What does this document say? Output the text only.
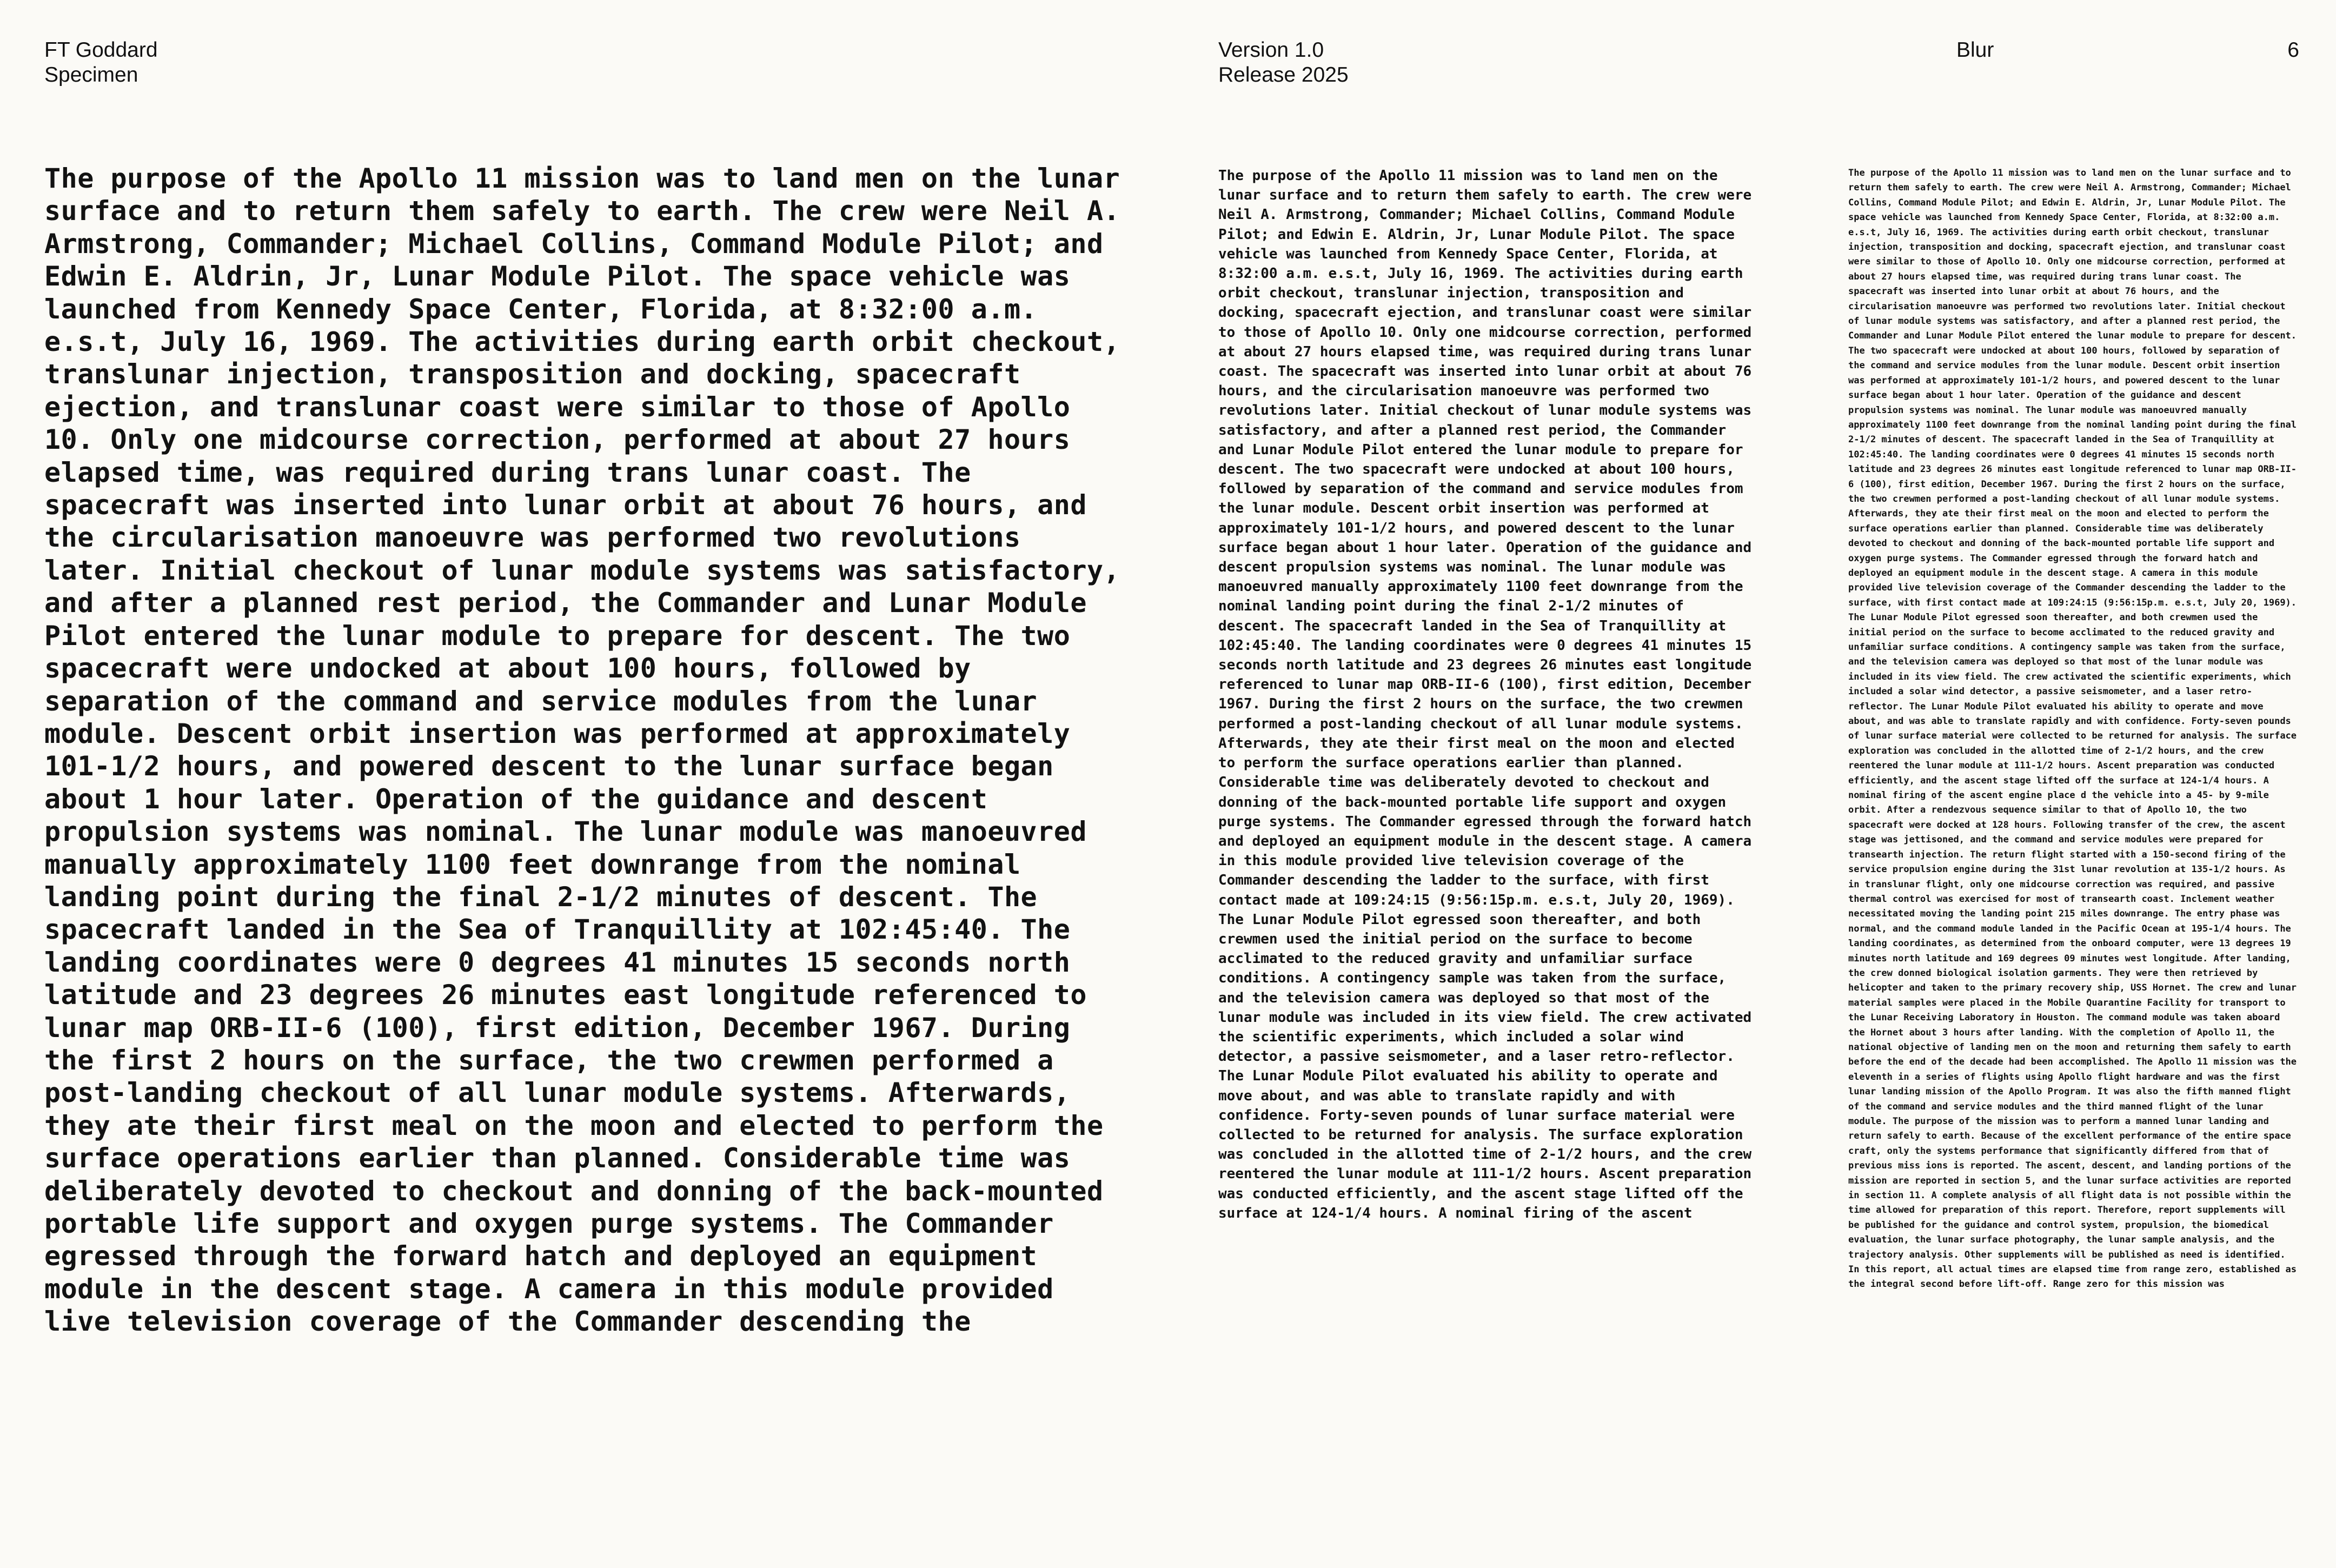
FT Goddard
Specimen
Version 1.0
Release 2025
Blur	6

The purpose of the Apollo 11 mission was to land men on the lunar surface and to return them safely to earth. The crew were Neil A. Armstrong, Commander; Michael Collins, Command Module Pilot; and Edwin E. Aldrin, Jr, Lunar Module Pilot. The space vehicle was launched from Kennedy Space Center, Florida, at 8:32:00 a.m. e.s.t, July 16, 1969. The activities during earth orbit checkout, translunar injection, transposition and docking, spacecraft ejection, and translunar coast were similar to those of Apollo 10. Only one midcourse correction, performed at about 27 hours elapsed time, was required during trans lunar coast. The spacecraft was inserted into lunar orbit at about 76 hours, and the circularisation manoeuvre was performed two revolutions later. Initial checkout of lunar module systems was satisfactory, and after a planned rest period, the Commander and Lunar Module Pilot entered the lunar module to prepare for descent. The two spacecraft were undocked at about 100 hours, followed by separation of the command and service modules from the lunar module. Descent orbit insertion was performed at approximately 101-1/2 hours, and powered descent to the lunar surface began about 1 hour later. Operation of the guidance and descent propulsion systems was nominal. The lunar module was manoeuvred manually approximately 1100 feet downrange from the nominal landing point during the final 2-1/2 minutes of descent. The spacecraft landed in the Sea of Tranquillity at 102:45:40. The landing coordinates were 0 degrees 41 minutes 15 seconds north latitude and 23 degrees 26 minutes east longitude referenced to lunar map ORB-II-6 (100), first edition, December 1967. During the first 2 hours on the surface, the two crewmen performed a post-landing checkout of all lunar module systems. Afterwards, they ate their first meal on the moon and elected to perform the surface operations earlier than planned. Considerable time was deliberately devoted to checkout and donning of the back-mounted portable life support and oxygen purge systems. The Commander egressed through the forward hatch and deployed an equipment module in the descent stage. A camera in this module provided live television coverage of the Commander descending the

The purpose of the Apollo 11 mission was to land men on the lunar surface and to return them safely to earth. The crew were Neil A. Armstrong, Commander; Michael Collins, Command Module Pilot; and Edwin E. Aldrin, Jr, Lunar Module Pilot. The space vehicle was launched from Kennedy Space Center, Florida, at 8:32:00 a.m. e.s.t, July 16, 1969. The activities during earth orbit checkout, translunar injection, transposition and docking, spacecraft ejection, and translunar coast were similar to those of Apollo 10. Only one midcourse correction, performed at about 27 hours elapsed time, was required during trans lunar coast. The spacecraft was inserted into lunar orbit at about 76 hours, and the circularisation manoeuvre was performed two revolutions later. Initial checkout of lunar module systems was satisfactory, and after a planned rest period, the Commander and Lunar Module Pilot entered the lunar module to prepare for descent. The two spacecraft were undocked at about 100 hours, followed by separation of the command and service modules from the lunar module. Descent orbit insertion was performed at approximately 101-1/2 hours, and powered descent to the lunar surface began about 1 hour later. Operation of the guidance and descent propulsion systems was nominal. The lunar module was manoeuvred manually approximately 1100 feet downrange from the nominal landing point during the final 2-1/2 minutes of descent. The spacecraft landed in the Sea of Tranquillity at 102:45:40. The landing coordinates were 0 degrees 41 minutes 15 seconds north latitude and 23 degrees 26 minutes east longitude referenced to lunar map ORB-II-6 (100), first edition, December 1967. During the first 2 hours on the surface, the two crewmen performed a post-landing checkout of all lunar module systems. Afterwards, they ate their first meal on the moon and elected to perform the surface operations earlier than planned. Considerable time was deliberately devoted to checkout and donning of the back-mounted portable life support and oxygen purge systems. The Commander egressed through the forward hatch and deployed an equipment module in the descent stage. A camera in this module provided live television coverage of the Commander descending the ladder to the surface, with first contact made at 109:24:15 (9:56:15p.m. e.s.t, July 20, 1969). The Lunar Module Pilot egressed soon thereafter, and both crewmen used the initial period on the surface to become acclimated to the reduced gravity and unfamiliar surface conditions. A contingency sample was taken from the surface, and the television camera was deployed so that most of the lunar module was included in its view field. The crew activated the scientific experiments, which included a solar wind detector, a passive seismometer, and a laser retro-reflector. The Lunar Module Pilot evaluated his ability to operate and move about, and was able to translate rapidly and with confidence. Forty-seven pounds of lunar surface material were collected to be returned for analysis. The surface exploration was concluded in the allotted time of 2-1/2 hours, and the crew reentered the lunar module at 111-1/2 hours. Ascent preparation was conducted efficiently, and the ascent stage lifted off the surface at 124-1/4 hours. A nominal firing of the ascent

The purpose of the Apollo 11 mission was to land men on the lunar surface and to return them safely to earth. The crew were Neil A. Armstrong, Commander; Michael Collins, Command Module Pilot; and Edwin E. Aldrin, Jr, Lunar Module Pilot. The space vehicle was launched from Kennedy Space Center, Florida, at 8:32:00 a.m. e.s.t, July 16, 1969. The activities during earth orbit checkout, translunar injection, transposition and docking, spacecraft ejection, and translunar coast were similar to those of Apollo 10. Only one midcourse correction, performed at about 27 hours elapsed time, was required during trans lunar coast. The spacecraft was inserted into lunar orbit at about 76 hours, and the circularisation manoeuvre was performed two revolutions later. Initial checkout of lunar module systems was satisfactory, and after a planned rest period, the Commander and Lunar Module Pilot entered the lunar module to prepare for descent. The two spacecraft were undocked at about 100 hours, followed by separation of the command and service modules from the lunar module. Descent orbit insertion was performed at approximately 101-1/2 hours, and powered descent to the lunar surface began about 1 hour later. Operation of the guidance and descent propulsion systems was nominal. The lunar module was manoeuvred manually approximately 1100 feet downrange from the nominal landing point during the final 2-1/2 minutes of descent. The spacecraft landed in the Sea of Tranquillity at 102:45:40. The landing coordinates were 0 degrees 41 minutes 15 seconds north latitude and 23 degrees 26 minutes east longitude referenced to lunar map ORB-II-6 (100), first edition, December 1967. During the first 2 hours on the surface, the two crewmen performed a post-landing checkout of all lunar module systems. Afterwards, they ate their first meal on the moon and elected to perform the surface operations earlier than planned. Considerable time was deliberately devoted to checkout and donning of the back-mounted portable life support and oxygen purge systems. The Commander egressed through the forward hatch and deployed an equipment module in the descent stage. A camera in this module provided live television coverage of the Commander descending the ladder to the surface, with first contact made at 109:24:15 (9:56:15p.m. e.s.t, July 20, 1969). The Lunar Module Pilot egressed soon thereafter, and both crewmen used the initial period on the surface to become acclimated to the reduced gravity and unfamiliar surface conditions. A contingency sample was taken from the surface, and the television camera was deployed so that most of the lunar module was included in its view field. The crew activated the scientific experiments, which included a solar wind detector, a passive seismometer, and a laser retro-reflector. The Lunar Module Pilot evaluated his ability to operate and move about, and was able to translate rapidly and with confidence. Forty-seven pounds of lunar surface material were collected to be returned for analysis. The surface exploration was concluded in the allotted time of 2-1/2 hours, and the crew reentered the lunar module at 111-1/2 hours. Ascent preparation was conducted efficiently, and the ascent stage lifted off the surface at 124-1/4 hours. A nominal firing of the ascent engine place d the vehicle into a 45- by 9-mile orbit. After a rendezvous sequence similar to that of Apollo 10, the two spacecraft were docked at 128 hours. Following transfer of the crew, the ascent stage was jettisoned, and the command and service modules were prepared for transearth injection. The return flight started with a 150-second firing of the service propulsion engine during the 31st lunar revolution at 135-1/2 hours. As in translunar flight, only one midcourse correction was required, and passive thermal control was exercised for most of transearth coast. Inclement weather necessitated moving the landing point 215 miles downrange. The entry phase was normal, and the command module landed in the Pacific Ocean at 195-1/4 hours. The landing coordinates, as determined from the onboard computer, were 13 degrees 19 minutes north latitude and 169 degrees 09 minutes west longitude. After landing, the crew donned biological isolation garments. They were then retrieved by helicopter and taken to the primary recovery ship, USS Hornet. The crew and lunar material samples were placed in the Mobile Quarantine Facility for transport to the Lunar Receiving Laboratory in Houston. The command module was taken aboard the Hornet about 3 hours after landing. With the completion of Apollo 11, the national objective of landing men on the moon and returning them safely to earth before the end of the decade had been accomplished. The Apollo 11 mission was the eleventh in a series of flights using Apollo flight hardware and was the first lunar landing mission of the Apollo Program. It was also the fifth manned flight of the command and service modules and the third manned flight of the lunar module. The purpose of the mission was to perform a manned lunar landing and return safely to earth. Because of the excellent performance of the entire space craft, only the systems performance that significantly differed from that of previous miss ions is reported. The ascent, descent, and landing portions of the mission are reported in section 5, and the lunar surface activities are reported in section 11. A complete analysis of all flight data is not possible within the time allowed for preparation of this report. Therefore, report supplements will be published for the guidance and control system, propulsion, the biomedical evaluation, the lunar surface photography, the lunar sample analysis, and the trajectory analysis. Other supplements will be published as need is identified. In this report, all actual times are elapsed time from range zero, established as the integral second before lift-off. Range zero for this mission was
